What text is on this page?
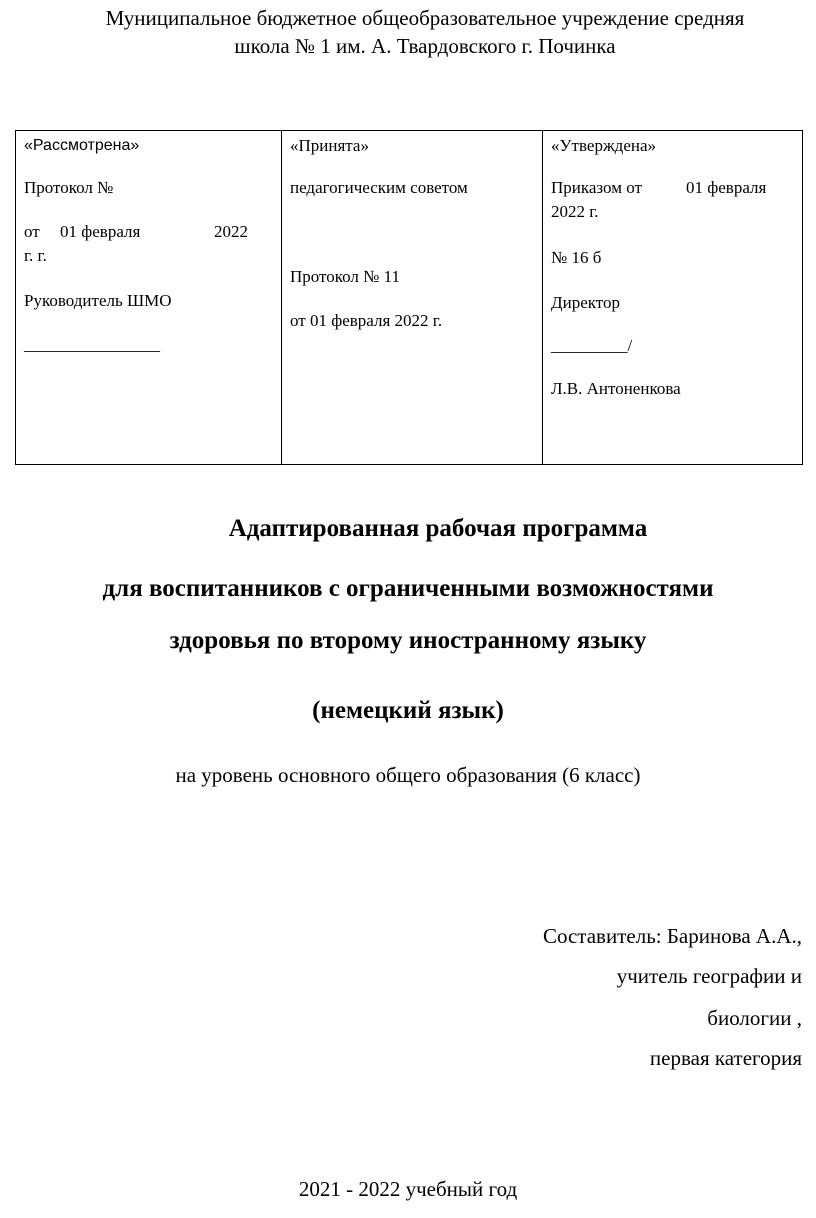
Муниципальное бюджетное общеобразовательное учреждение средняя
школа № 1 им. А. Твардовского г. Починка
«Рассмотрена»
Протокол №
от 01 февраля	2022
г. г.
Руководитель ШМО
________________

«Принята»
педагогическим советом
Протокол № 11
от 01 февраля 2022 г.

«Утверждена»
Приказом от	01 февраля
2022 г.
№ 16 б
Директор
_________/
Л.В. Антоненкова
Адаптированная рабочая программа
для воспитанников с ограниченными возможностями
здоровья по второму иностранному языку
(немецкий язык)
на уровень основного общего образования (6 класс)
Составитель: Баринова А.А.,
учитель географии и
биологии ,
первая категория
2021 - 2022 учебный год
